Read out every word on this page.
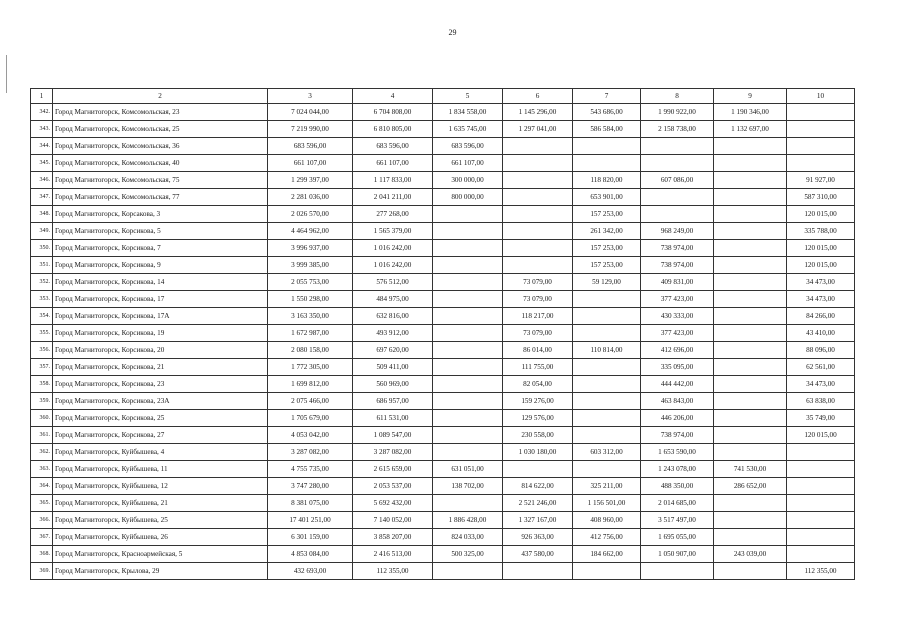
29
1	2	3	4	5	6	7	8	9	10
342.	Город Магнитогорск, Комсомольская, 23	7 024 044,00	6 704 808,00	1 834 558,00	1 145 296,00	543 686,00	1 990 922,00	1 190 346,00	
343.	Город Магнитогорск, Комсомольская, 25	7 219 990,00	6 810 805,00	1 635 745,00	1 297 041,00	586 584,00	2 158 738,00	1 132 697,00	
344.	Город Магнитогорск, Комсомольская, 36	683 596,00	683 596,00	683 596,00					
345.	Город Магнитогорск, Комсомольская, 40	661 107,00	661 107,00	661 107,00					
346.	Город Магнитогорск, Комсомольская, 75	1 299 397,00	1 117 833,00	300 000,00		118 820,00	607 086,00		91 927,00
347.	Город Магнитогорск, Комсомольская, 77	2 281 036,00	2 041 211,00	800 000,00		653 901,00			587 310,00
348.	Город Магнитогорск, Корсакова, 3	2 026 570,00	277 268,00			157 253,00			120 015,00
349.	Город Магнитогорск, Корсикова, 5	4 464 962,00	1 565 379,00			261 342,00	968 249,00		335 788,00
350.	Город Магнитогорск, Корсикова, 7	3 996 937,00	1 016 242,00			157 253,00	738 974,00		120 015,00
351.	Город Магнитогорск, Корсикова, 9	3 999 385,00	1 016 242,00			157 253,00	738 974,00		120 015,00
352.	Город Магнитогорск, Корсикова, 14	2 055 753,00	576 512,00		73 079,00	59 129,00	409 831,00		34 473,00
353.	Город Магнитогорск, Корсикова, 17	1 550 298,00	484 975,00		73 079,00		377 423,00		34 473,00
354.	Город Магнитогорск, Корсикова, 17А	3 163 350,00	632 816,00		118 217,00		430 333,00		84 266,00
355.	Город Магнитогорск, Корсикова, 19	1 672 987,00	493 912,00		73 079,00		377 423,00		43 410,00
356.	Город Магнитогорск, Корсикова, 20	2 080 158,00	697 620,00		86 014,00	110 814,00	412 696,00		88 096,00
357.	Город Магнитогорск, Корсикова, 21	1 772 305,00	509 411,00		111 755,00		335 095,00		62 561,00
358.	Город Магнитогорск, Корсикова, 23	1 699 812,00	560 969,00		82 054,00		444 442,00		34 473,00
359.	Город Магнитогорск, Корсикова, 23А	2 075 466,00	686 957,00		159 276,00		463 843,00		63 838,00
360.	Город Магнитогорск, Корсикова, 25	1 705 679,00	611 531,00		129 576,00		446 206,00		35 749,00
361.	Город Магнитогорск, Корсикова, 27	4 053 042,00	1 089 547,00		230 558,00		738 974,00		120 015,00
362.	Город Магнитогорск, Куйбышева, 4	3 287 082,00	3 287 082,00		1 030 180,00	603 312,00	1 653 590,00		
363.	Город Магнитогорск, Куйбышева, 11	4 755 735,00	2 615 659,00	631 051,00			1 243 078,00	741 530,00	
364.	Город Магнитогорск, Куйбышева, 12	3 747 280,00	2 053 537,00	138 702,00	814 622,00	325 211,00	488 350,00	286 652,00	
365.	Город Магнитогорск, Куйбышева, 21	8 381 075,00	5 692 432,00		2 521 246,00	1 156 501,00	2 014 685,00		
366.	Город Магнитогорск, Куйбышева, 25	17 401 251,00	7 140 052,00	1 886 428,00	1 327 167,00	408 960,00	3 517 497,00		
367.	Город Магнитогорск, Куйбышева, 26	6 301 159,00	3 858 207,00	824 033,00	926 363,00	412 756,00	1 695 055,00		
368.	Город Магнитогорск, Красноармейская, 5	4 853 084,00	2 416 513,00	500 325,00	437 580,00	184 662,00	1 050 907,00	243 039,00	
369.	Город Магнитогорск, Крылова, 29	432 693,00	112 355,00						112 355,00
